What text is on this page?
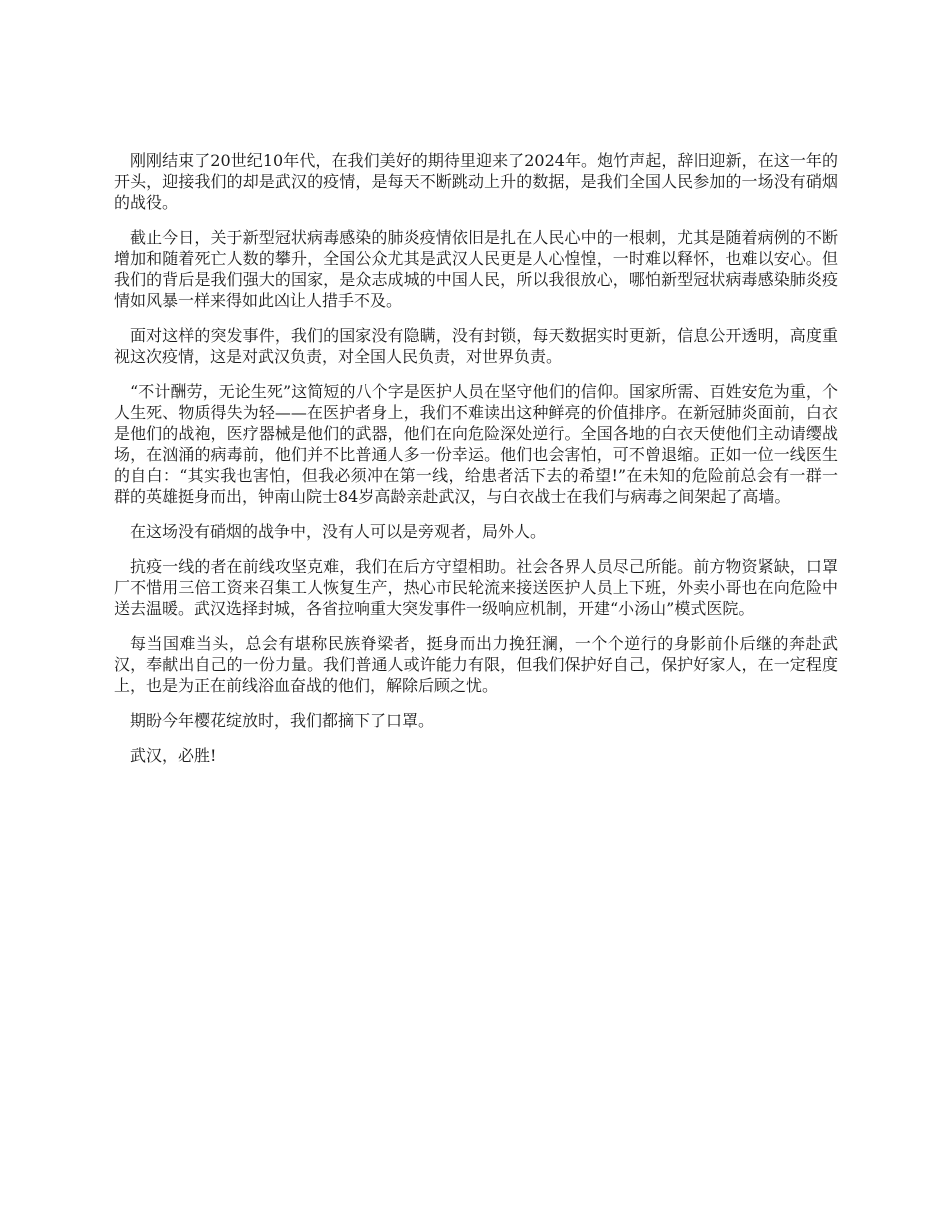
刚刚结束了20世纪10年代，在我们美好的期待里迎来了2024年。炮竹声起，辞旧迎新，在这一年的开头，迎接我们的却是武汉的疫情，是每天不断跳动上升的数据，是我们全国人民参加的一场没有硝烟的战役。

截止今日，关于新型冠状病毒感染的肺炎疫情依旧是扎在人民心中的一根刺，尤其是随着病例的不断增加和随着死亡人数的攀升，全国公众尤其是武汉人民更是人心惶惶，一时难以释怀，也难以安心。但我们的背后是我们强大的国家，是众志成城的中国人民，所以我很放心，哪怕新型冠状病毒感染肺炎疫情如风暴一样来得如此凶让人措手不及。

面对这样的突发事件，我们的国家没有隐瞒，没有封锁，每天数据实时更新，信息公开透明，高度重视这次疫情，这是对武汉负责，对全国人民负责，对世界负责。

“不计酬劳，无论生死”这简短的八个字是医护人员在坚守他们的信仰。国家所需、百姓安危为重，个人生死、物质得失为轻——在医护者身上，我们不难读出这种鲜亮的价值排序。在新冠肺炎面前，白衣是他们的战袍，医疗器械是他们的武器，他们在向危险深处逆行。全国各地的白衣天使他们主动请缨战场，在汹涌的病毒前，他们并不比普通人多一份幸运。他们也会害怕，可不曾退缩。正如一位一线医生的自白：“其实我也害怕，但我必须冲在第一线，给患者活下去的希望!”在未知的危险前总会有一群一群的英雄挺身而出，钟南山院士84岁高龄亲赴武汉，与白衣战士在我们与病毒之间架起了高墙。

在这场没有硝烟的战争中，没有人可以是旁观者，局外人。

抗疫一线的者在前线攻坚克难，我们在后方守望相助。社会各界人员尽己所能。前方物资紧缺，口罩厂不惜用三倍工资来召集工人恢复生产，热心市民轮流来接送医护人员上下班，外卖小哥也在向危险中送去温暖。武汉选择封城，各省拉响重大突发事件一级响应机制，开建“小汤山”模式医院。

每当国难当头，总会有堪称民族脊梁者，挺身而出力挽狂澜，一个个逆行的身影前仆后继的奔赴武汉，奉献出自己的一份力量。我们普通人或许能力有限，但我们保护好自己，保护好家人，在一定程度上，也是为正在前线浴血奋战的他们，解除后顾之忧。

期盼今年樱花绽放时，我们都摘下了口罩。

武汉，必胜!
